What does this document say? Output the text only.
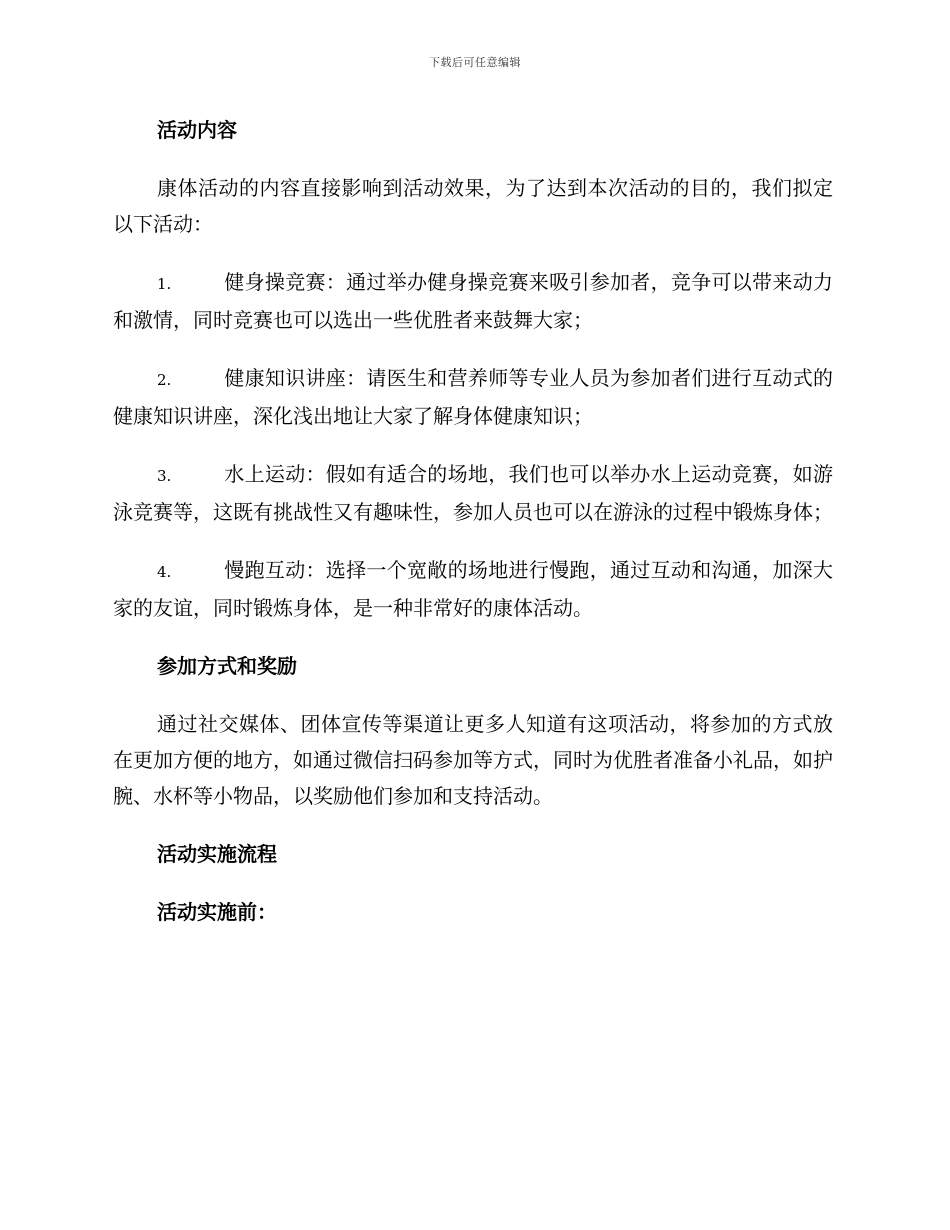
下载后可任意编辑
活动内容

康体活动的内容直接影响到活动效果，为了达到本次活动的目的，我们拟定以下活动：

1.	健身操竞赛：通过举办健身操竞赛来吸引参加者，竞争可以带来动力和激情，同时竞赛也可以选出一些优胜者来鼓舞大家；

2.	健康知识讲座：请医生和营养师等专业人员为参加者们进行互动式的健康知识讲座，深化浅出地让大家了解身体健康知识；

3.	水上运动：假如有适合的场地，我们也可以举办水上运动竞赛，如游泳竞赛等，这既有挑战性又有趣味性，参加人员也可以在游泳的过程中锻炼身体；

4.	慢跑互动：选择一个宽敞的场地进行慢跑，通过互动和沟通，加深大家的友谊，同时锻炼身体，是一种非常好的康体活动。

参加方式和奖励

通过社交媒体、团体宣传等渠道让更多人知道有这项活动，将参加的方式放在更加方便的地方，如通过微信扫码参加等方式，同时为优胜者准备小礼品，如护腕、水杯等小物品，以奖励他们参加和支持活动。

活动实施流程
活动实施前：
